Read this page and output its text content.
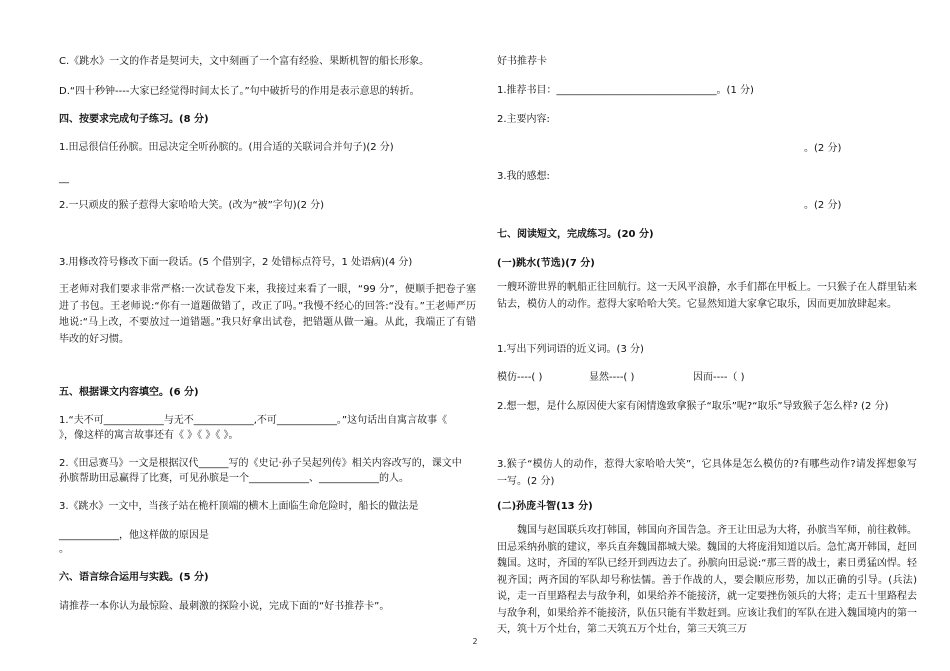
C.《跳水》一文的作者是契诃夫，文中刻画了一个富有经验、果断机智的船长形象。
D.“四十秒钟----大家已经觉得时间太长了。”句中破折号的作用是表示意思的转折。
四、按要求完成句子练习。(8 分)
1.田忌很信任孙膑。田忌决定全听孙膑的。(用合适的关联词合并句子)(2 分)
__
2.一只顽皮的猴子惹得大家哈哈大笑。(改为“被”字句)(2 分)
3.用修改符号修改下面一段话。(5 个借别字，2 处错标点符号，1 处语病)(4 分)
王老师对我们要求非常严格:一次试卷发下来，我接过来看了一眼，“99 分”，便顺手把卷子塞进了书包。王老师说:“你有一道题做错了，改正了吗。”我慢不经心的回答:“没有。”王老师严历地说:“马上改，不要放过一道错题。”我只好拿出试卷，把错题从做一遍。从此，我端正了有错毕改的好习惯。
五、根据课文内容填空。(6 分)
1.“夫不可____________与无不____________,不可____________。”这句话出自寓言故事《
》，像这样的寓言故事还有《 》《 》《 》。
2.《田忌赛马》一文是根据汉代______写的《史记·孙子吴起列传》相关内容改写的，课文中
孙膑帮助田忌赢得了比赛，可见孙膑是一个____________、____________的人。
3.《跳水》一文中，当孩子站在桅杆顶端的横木上面临生命危险时，船长的做法是
____________，他这样做的原因是
。
六、语言综合运用与实践。(5 分)
请推荐一本你认为最惊险、最刺激的探险小说，完成下面的“好书推荐卡”。
好书推荐卡
1.推荐书目：________________________________。(1 分)
2.主要内容:
。(2 分)
3.我的感想:
。(2 分)
七、阅读短文，完成练习。(20 分)
(一)跳水(节选)(7 分)
一艘环游世界的帆船正往回航行。这一天风平浪静，水手们都在甲板上。一只猴子在人群里钻来钻去，模仿人的动作。惹得大家哈哈大笑。它显然知道大家拿它取乐，因而更加放肆起来。
1.写出下列词语的近义词。(3 分)
模仿----( )	显然----( )	因而----（ )
2.想一想，是什么原因使大家有闲情逸致拿猴子“取乐”呢?“取乐”导致猴子怎么样? (2 分)
3.猴子“模仿人的动作，惹得大家哈哈大笑”，它具体是怎么模仿的?有哪些动作?请发挥想象写一写。(2 分)
(二)孙庞斗智(13 分)
魏国与赵国联兵攻打韩国，韩国向齐国告急。齐王让田忌为大将，孙膑当军师，前往救韩。田忌采纳孙膑的建议，率兵直奔魏国都城大梁。魏国的大将庞涓知道以后。急忙离开韩国，赶回魏国。这时，齐国的军队已经开到西边去了。孙膑向田忌说:“那三晋的战士，素日勇猛凶悍。轻视齐国；两齐国的军队却号称怯懦。善于作战的人，要会顺应形势，加以正确的引导。(兵法)说，走一百里路程去与敌争利，如果给养不能接济，就一定要挫伤领兵的大将；走五十里路程去与敌争利，如果给养不能接济，队伍只能有半数赶到。应该让我们的军队在进入魏国境内的第一天，筑十万个灶台，第二天筑五万个灶台，第三天筑三万
2
